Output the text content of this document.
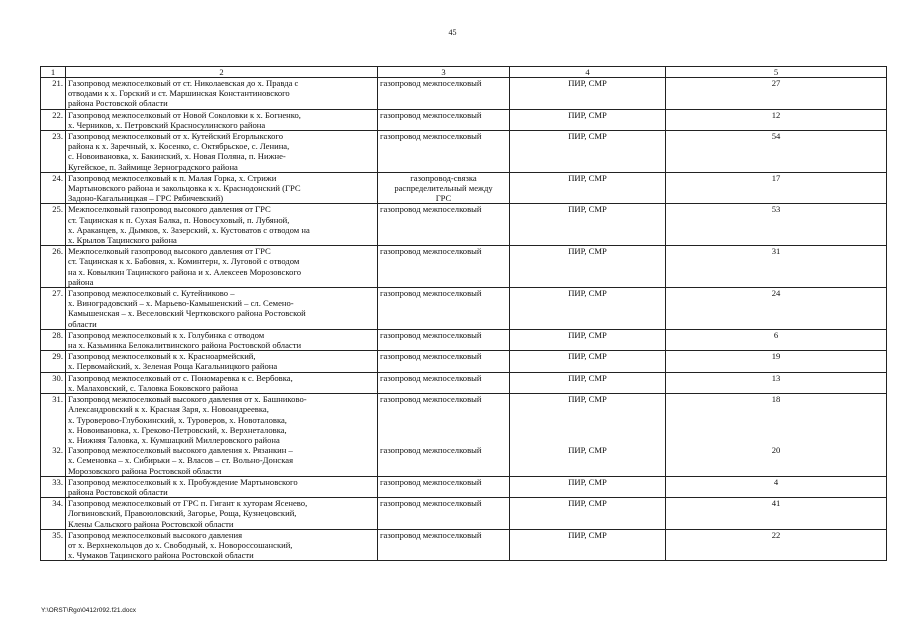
45
1	2	3	4	5
21.	Газопровод межпоселковый от ст. Николаевская до х. Правда с
отводами к х. Горский и ст. Маршинская Константиновского
района Ростовской области	газопровод межпоселковый	ПИР, СМР	27
22.	Газопровод межпоселковый от Новой Соколовки к х. Богненко,
х. Черников, х. Петровский Красносулинского района	газопровод межпоселковый	ПИР, СМР	12
23.	Газопровод межпоселковый от х. Кутейский Егорлыкского
района к х. Заречный, х. Косенко, с. Октябрьское, с. Ленина,
с. Новоивановка, х. Бакинский, х. Новая Поляна, п. Нижне-
Кугейское, п. Займище Зерноградского района	газопровод межпоселковый	ПИР, СМР	54
24.	Газопровод межпоселковый к п. Малая Горка, х. Стрижи
Мартыновского района и закольцовка к х. Краснодонский (ГРС
Задоно-Кагальницкая – ГРС Рябичевский)	газопровод-связка
распределительный между
ГРС	ПИР, СМР	17
25.	Межпоселковый газопровод высокого давления от ГРС
ст. Тацинская к п. Сухая Балка, п. Новосуховый, п. Лубяной,
х. Араканцев, х. Дымков, х. Зазерский, х. Кустоватов с отводом на
х. Крылов Тацинского района	газопровод межпоселковый	ПИР, СМР	53
26.	Межпоселковый газопровод высокого давления от ГРС
ст. Тацинская к х. Бабовня, х. Коминтерн, х. Луговой с отводом
на х. Ковылкин Тацинского района и х. Алексеев Морозовского
района	газопровод межпоселковый	ПИР, СМР	31
27.	Газопровод межпоселковый с. Кутейниково –
х. Виноградовский – х. Марьево-Камышенский – сл. Семено-
Камышенская – х. Веселовский Чертковского района Ростовской
области	газопровод межпоселковый	ПИР, СМР	24
28.	Газопровод межпоселковый к х. Голубинка с отводом
на х. Казьминка Белокалитвинского района Ростовской области	газопровод межпоселковый	ПИР, СМР	6
29.	Газопровод межпоселковый к х. Красноармейский,
х. Первомайский, х. Зеленая Роща Кагальницкого района	газопровод межпоселковый	ПИР, СМР	19
30.	Газопровод межпоселковый от с. Пономаревка к с. Вербовка,
х. Малаховский, с. Таловка Боковского района	газопровод межпоселковый	ПИР, СМР	13
31.	Газопровод межпоселковый высокого давления от х. Башниково-
Александровский к х. Красная Заря, х. Новоандреевка,
х. Туроверово-Глубокинский, х. Туроверов, х. Новоталовка,
х. Новоивановка, х. Греково-Петровский, х. Верхнеталовка,
х. Нижняя Таловка, х. Кумшацкий Миллеровского района	газопровод межпоселковый	ПИР, СМР	18
32.	Газопровод межпоселковый высокого давления х. Рязанкин –
х. Семеновка – х. Сибирьки – х. Власов – ст. Вольно-Донская
Морозовского района Ростовской области	газопровод межпоселковый	ПИР, СМР	20
33.	Газопровод межпоселковый к х. Пробуждение Мартыновского
района Ростовской области	газопровод межпоселковый	ПИР, СМР	4
34.	Газопровод межпоселковый от ГРС п. Гигант к хуторам Ясенево,
Логвиновский, Правоюловский, Загорье, Роща, Кузнецовский,
Клены Сальского района Ростовской области	газопровод межпоселковый	ПИР, СМР	41
35.	Газопровод межпоселковый высокого давления
от х. Верхнекольцов до х. Свободный, х. Новороссошанский,
х. Чумаков Тацинского района Ростовской области	газопровод межпоселковый	ПИР, СМР	22
Y:\ORST\Rgo\0412r092.f21.docx
